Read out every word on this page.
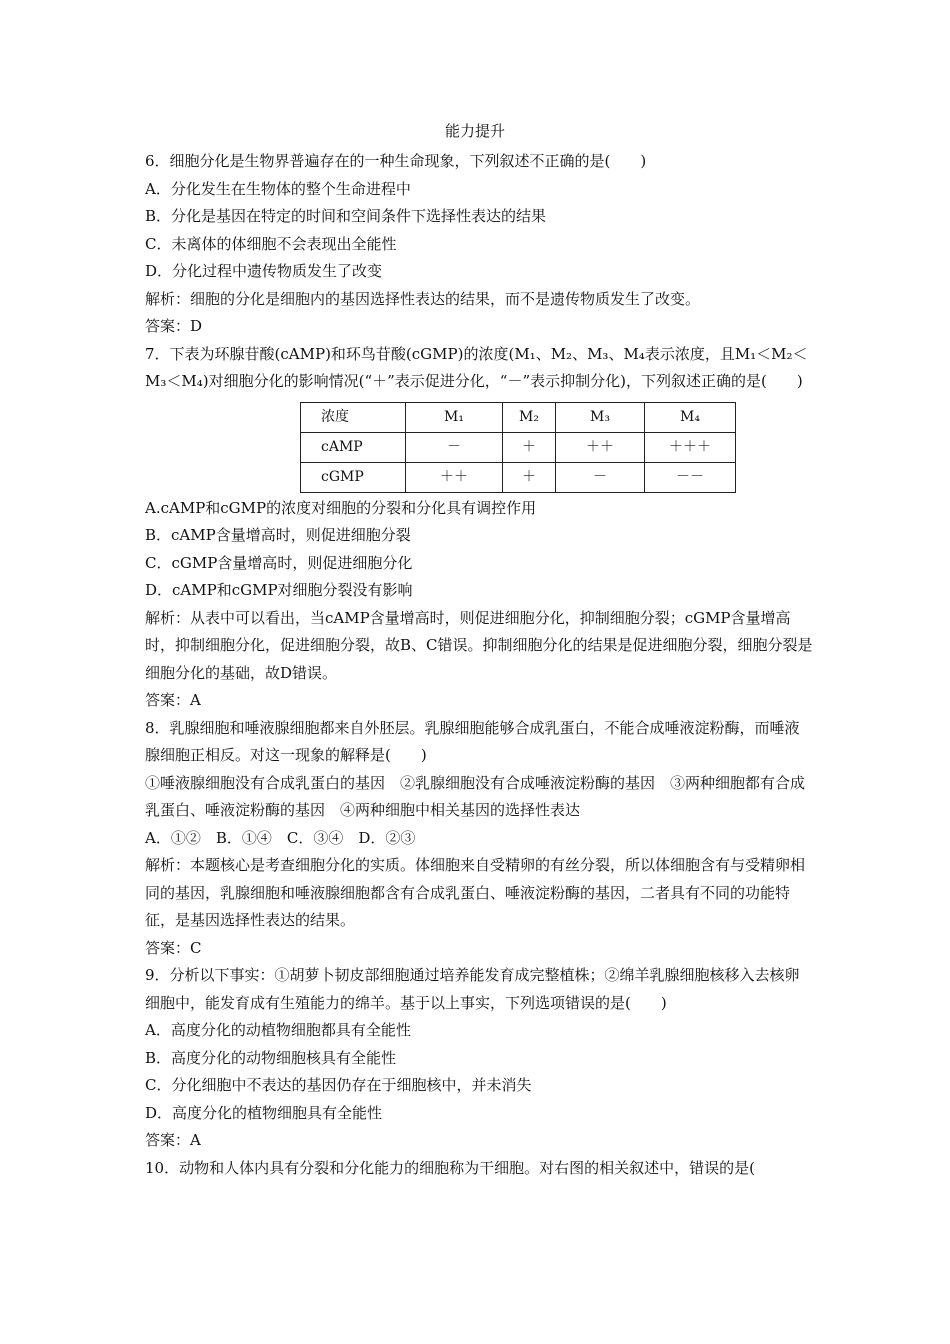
能力提升

6．细胞分化是生物界普遍存在的一种生命现象，下列叙述不正确的是(　　)

A．分化发生在生物体的整个生命进程中

B．分化是基因在特定的时间和空间条件下选择性表达的结果

C．未离体的体细胞不会表现出全能性

D．分化过程中遗传物质发生了改变

解析：细胞的分化是细胞内的基因选择性表达的结果，而不是遗传物质发生了改变。

答案：D

7．下表为环腺苷酸(cAMP)和环鸟苷酸(cGMP)的浓度(M₁、M₂、M₃、M₄表示浓度，且M₁＜M₂＜M₃＜M₄)对细胞分化的影响情况(“＋”表示促进分化，“－”表示抑制分化)，下列叙述正确的是(　　)

浓度	M₁	M₂	M₃	M₄
cAMP	－	＋	＋＋	＋＋＋
cGMP	＋＋	＋	－	－－

A.cAMP和cGMP的浓度对细胞的分裂和分化具有调控作用

B．cAMP含量增高时，则促进细胞分裂

C．cGMP含量增高时，则促进细胞分化

D．cAMP和cGMP对细胞分裂没有影响

解析：从表中可以看出，当cAMP含量增高时，则促进细胞分化，抑制细胞分裂；cGMP含量增高时，抑制细胞分化，促进细胞分裂，故B、C错误。抑制细胞分化的结果是促进细胞分裂，细胞分裂是细胞分化的基础，故D错误。

答案：A

8．乳腺细胞和唾液腺细胞都来自外胚层。乳腺细胞能够合成乳蛋白，不能合成唾液淀粉酶，而唾液腺细胞正相反。对这一现象的解释是(　　)

①唾液腺细胞没有合成乳蛋白的基因　②乳腺细胞没有合成唾液淀粉酶的基因　③两种细胞都有合成乳蛋白、唾液淀粉酶的基因　④两种细胞中相关基因的选择性表达

A．①②　B．①④　C．③④　D．②③

解析：本题核心是考查细胞分化的实质。体细胞来自受精卵的有丝分裂，所以体细胞含有与受精卵相同的基因，乳腺细胞和唾液腺细胞都含有合成乳蛋白、唾液淀粉酶的基因，二者具有不同的功能特征，是基因选择性表达的结果。

答案：C

9．分析以下事实：①胡萝卜韧皮部细胞通过培养能发育成完整植株；②绵羊乳腺细胞核移入去核卵细胞中，能发育成有生殖能力的绵羊。基于以上事实，下列选项错误的是(　　)

A．高度分化的动植物细胞都具有全能性

B．高度分化的动物细胞核具有全能性

C．分化细胞中不表达的基因仍存在于细胞核中，并未消失

D．高度分化的植物细胞具有全能性

答案：A

10．动物和人体内具有分裂和分化能力的细胞称为干细胞。对右图的相关叙述中，错误的是(
